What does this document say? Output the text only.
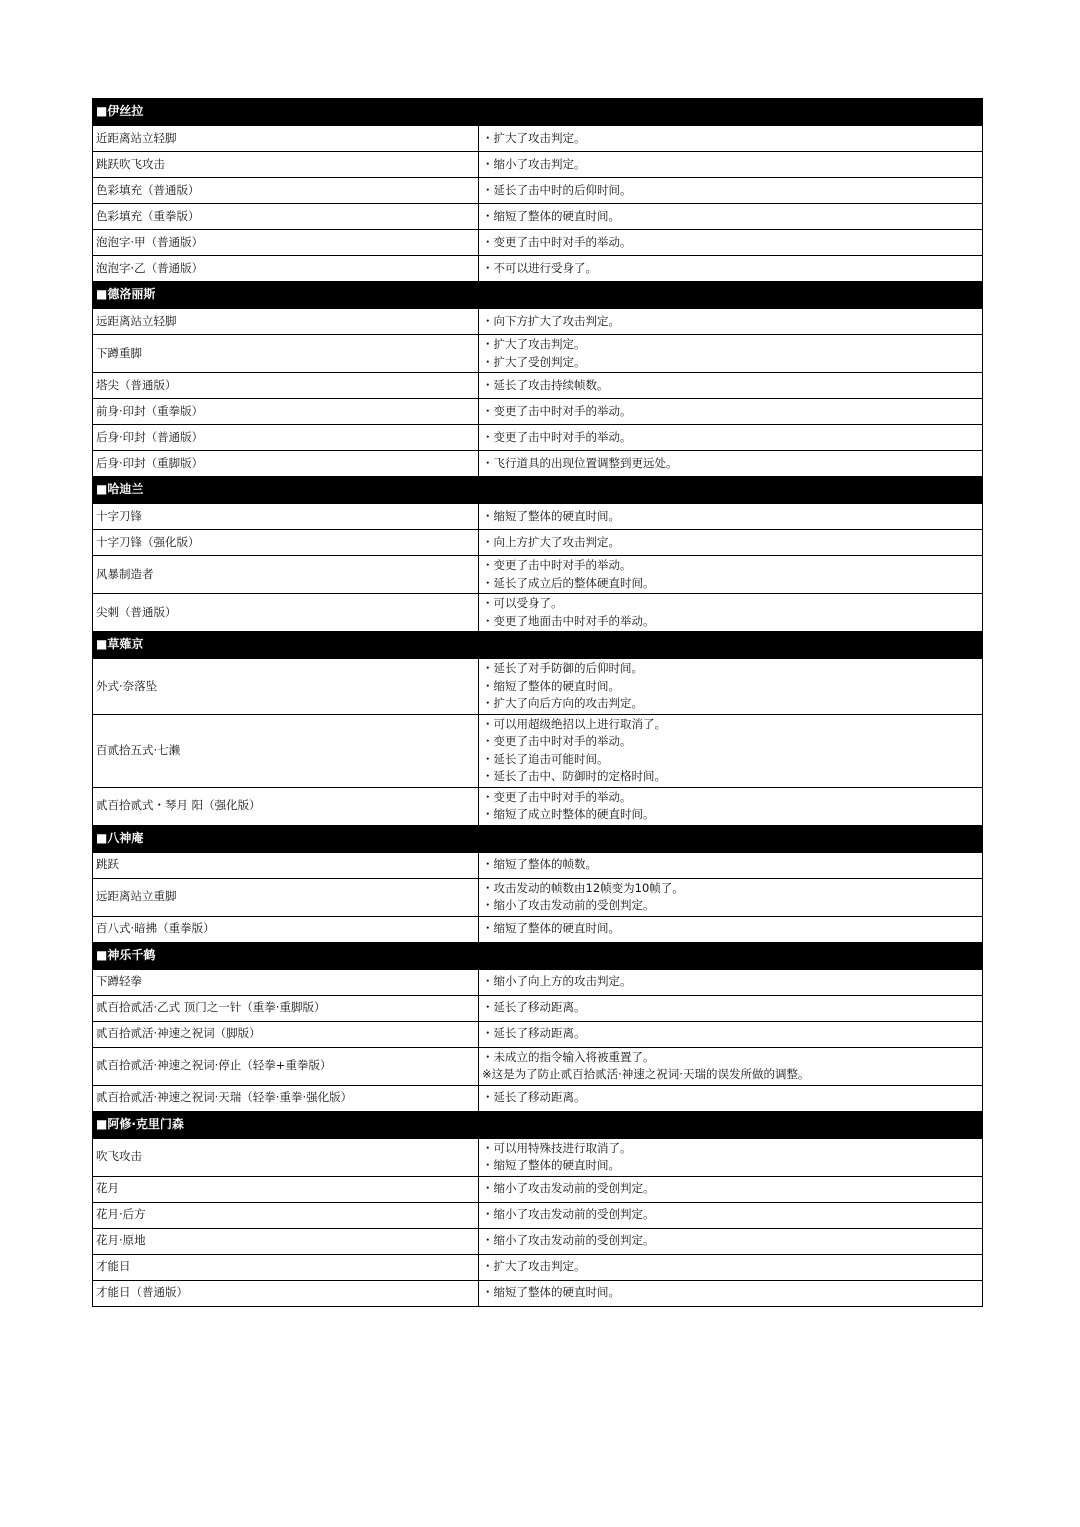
■伊丝拉	
近距离站立轻脚	・扩大了攻击判定。

跳跃吹飞攻击	・缩小了攻击判定。

色彩填充（普通版）	・延长了击中时的后仰时间。

色彩填充（重拳版）	・缩短了整体的硬直时间。

泡泡字·甲（普通版）	・变更了击中时对手的举动。

泡泡字·乙（普通版）	・不可以进行受身了。

■德洛丽斯	
远距离站立轻脚	・向下方扩大了攻击判定。

下蹲重脚	・扩大了攻击判定。
・扩大了受创判定。

塔尖（普通版）	・延长了攻击持续帧数。

前身·印封（重拳版）	・变更了击中时对手的举动。

后身·印封（普通版）	・变更了击中时对手的举动。

后身·印封（重脚版）	・飞行道具的出现位置调整到更远处。

■哈迪兰	
十字刀锋	・缩短了整体的硬直时间。

十字刀锋（强化版）	・向上方扩大了攻击判定。

风暴制造者	・变更了击中时对手的举动。
・延长了成立后的整体硬直时间。

尖刺（普通版）	・可以受身了。
・变更了地面击中时对手的举动。

■草薙京	
外式·奈落坠	・延长了对手防御的后仰时间。
・缩短了整体的硬直时间。
・扩大了向后方向的攻击判定。

百贰拾五式·七濑	・可以用超级绝招以上进行取消了。
・变更了击中时对手的举动。
・延长了追击可能时间。
・延长了击中、防御时的定格时间。

贰百拾贰式・琴月 阳（强化版）	・变更了击中时对手的举动。
・缩短了成立时整体的硬直时间。

■八神庵	
跳跃	・缩短了整体的帧数。

远距离站立重脚	・攻击发动的帧数由12帧变为10帧了。
・缩小了攻击发动前的受创判定。

百八式·暗拂（重拳版）	・缩短了整体的硬直时间。

■神乐千鹤	
下蹲轻拳	・缩小了向上方的攻击判定。

贰百拾贰活·乙式 顶门之一针（重拳·重脚版）	・延长了移动距离。

贰百拾贰活·神速之祝词（脚版）	・延长了移动距离。

贰百拾贰活·神速之祝词·停止（轻拳+重拳版）	・未成立的指令输入将被重置了。
※这是为了防止贰百拾贰活·神速之祝词·天瑞的误发所做的调整。

贰百拾贰活·神速之祝词·天瑞（轻拳·重拳·强化版）	・延长了移动距离。

■阿修·克里门森	
吹飞攻击	・可以用特殊技进行取消了。
・缩短了整体的硬直时间。

花月	・缩小了攻击发动前的受创判定。

花月·后方	・缩小了攻击发动前的受创判定。

花月·原地	・缩小了攻击发动前的受创判定。

才能日	・扩大了攻击判定。

才能日（普通版）	・缩短了整体的硬直时间。
